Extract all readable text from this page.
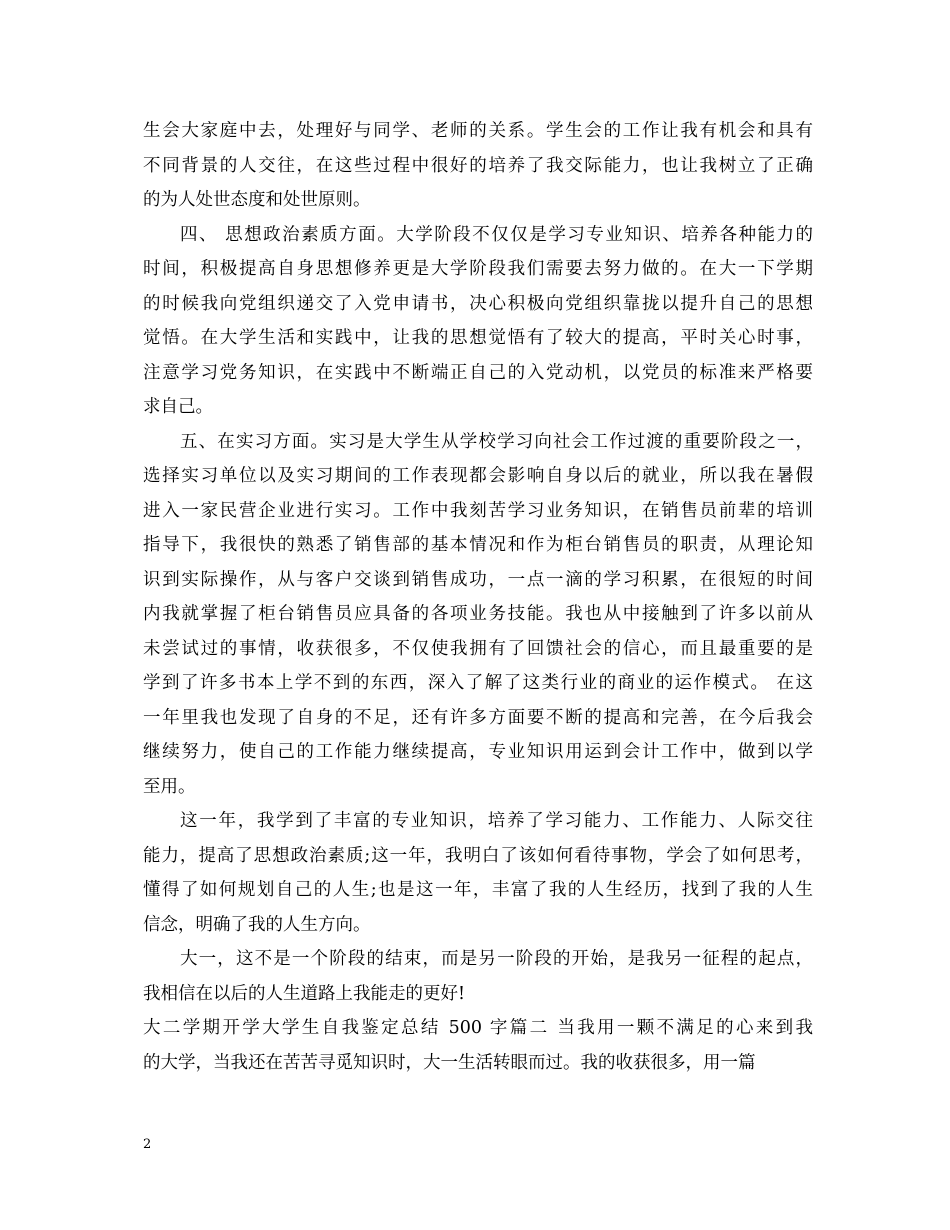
生会大家庭中去，处理好与同学、老师的关系。学生会的工作让我有机会和具有
不同背景的人交往，在这些过程中很好的培养了我交际能力，也让我树立了正确
的为人处世态度和处世原则。
四、 思想政治素质方面。大学阶段不仅仅是学习专业知识、培养各种能力的
时间，积极提高自身思想修养更是大学阶段我们需要去努力做的。在大一下学期
的时候我向党组织递交了入党申请书，决心积极向党组织靠拢以提升自己的思想
觉悟。在大学生活和实践中，让我的思想觉悟有了较大的提高，平时关心时事，
注意学习党务知识，在实践中不断端正自己的入党动机，以党员的标准来严格要
求自己。
五、在实习方面。实习是大学生从学校学习向社会工作过渡的重要阶段之一，
选择实习单位以及实习期间的工作表现都会影响自身以后的就业，所以我在暑假
进入一家民营企业进行实习。工作中我刻苦学习业务知识，在销售员前辈的培训
指导下，我很快的熟悉了销售部的基本情况和作为柜台销售员的职责，从理论知
识到实际操作，从与客户交谈到销售成功，一点一滴的学习积累，在很短的时间
内我就掌握了柜台销售员应具备的各项业务技能。我也从中接触到了许多以前从
未尝试过的事情，收获很多，不仅使我拥有了回馈社会的信心，而且最重要的是
学到了许多书本上学不到的东西，深入了解了这类行业的商业的运作模式。 在这
一年里我也发现了自身的不足，还有许多方面要不断的提高和完善，在今后我会
继续努力，使自己的工作能力继续提高，专业知识用运到会计工作中，做到以学
至用。
这一年，我学到了丰富的专业知识，培养了学习能力、工作能力、人际交往
能力，提高了思想政治素质;这一年，我明白了该如何看待事物，学会了如何思考，
懂得了如何规划自己的人生;也是这一年，丰富了我的人生经历，找到了我的人生
信念，明确了我的人生方向。
大一，这不是一个阶段的结束，而是另一阶段的开始，是我另一征程的起点，
我相信在以后的人生道路上我能走的更好!
大二学期开学大学生自我鉴定总结 500 字篇二 当我用一颗不满足的心来到我
的大学，当我还在苦苦寻觅知识时，大一生活转眼而过。我的收获很多，用一篇
2
